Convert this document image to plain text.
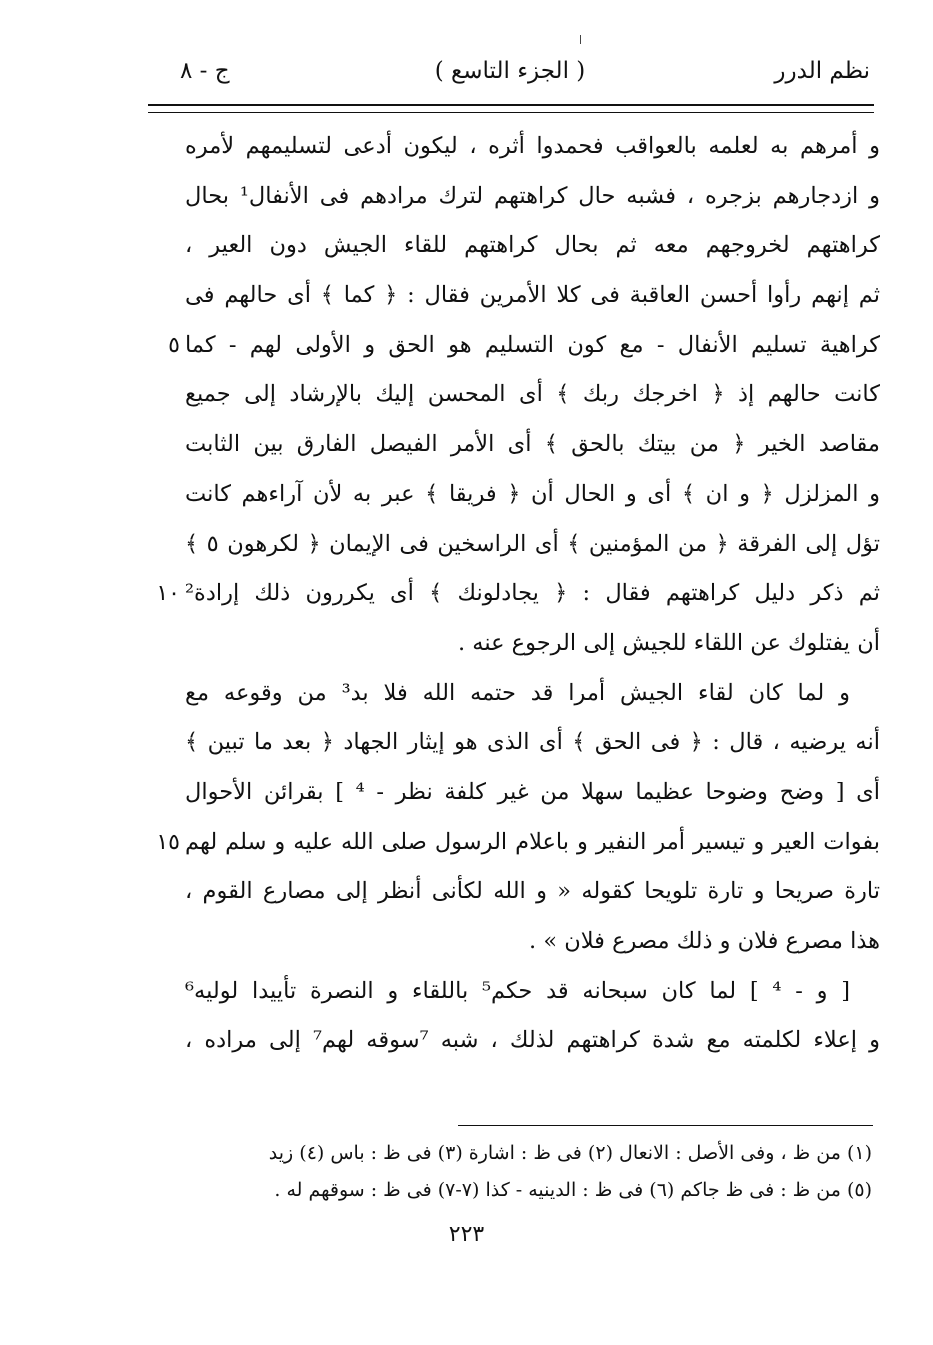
نظم الدرر
( الجزء التاسع )
ج - ٨
و أمرهم به لعلمه بالعواقب فحمدوا أثره ، ليكون أدعى لتسليمهم لأمره
و ازدجارهم بزجره ، فشبه حال كراهتهم لترك مرادهم فى الأنفال¹ بحال
كراهتهم لخروجهم معه ثم بحال كراهتهم للقاء الجيش دون العير ،
ثم إنهم رأوا أحسن العاقبة فى كلا الأمرين فقال : ﴿ كما ﴾ أى حالهم فى
كراهية تسليم الأنفال - مع كون التسليم هو الحق و الأولى لهم - كما
٥
كانت حالهم إذ ﴿ اخرجك ربك ﴾ أى المحسن إليك بالإرشاد إلى جميع
مقاصد الخير ﴿ من بيتك بالحق ﴾ أى الأمر الفيصل الفارق بين الثابت
و المزلزل ﴿ و ان ﴾ أى و الحال أن ﴿ فريقا ﴾ عبر به لأن آراءهم كانت
تؤل إلى الفرقة ﴿ من المؤمنين ﴾ أى الراسخين فى الإيمان ﴿ لكرهون ٥ ﴾
ثم ذكر دليل كراهتهم فقال : ﴿ يجادلونك ﴾ أى يكررون ذلك إرادة²
١٠
أن يفتلوك عن اللقاء للجيش إلى الرجوع عنه .
و لما كان لقاء الجيش أمرا قد حتمه الله فلا بد³ من وقوعه مع
أنه يرضيه ، قال : ﴿ فى الحق ﴾ أى الذى هو إيثار الجهاد ﴿ بعد ما تبين ﴾
أى [ وضح وضوحا عظيما سهلا من غير كلفة نظر - ⁴ ] بقرائن الأحوال
بفوات العير و تيسير أمر النفير و باعلام الرسول صلى الله عليه و سلم لهم
١٥
تارة صريحا و تارة تلويحا كقوله « و الله لكأنى أنظر إلى مصارع القوم ،
هذا مصرع فلان و ذلك مصرع فلان » .
[ و - ⁴ ] لما كان سبحانه قد حكم⁵ باللقاء و النصرة تأييدا لوليه⁶
و إعلاء لكلمته مع شدة كراهتهم لذلك ، شبه ⁷سوقه لهم⁷ إلى مراده ،
(١) من ظ ، وفى الأصل : الانعال (٢) فى ظ : اشارة (٣) فى ظ : باس (٤) زيد
(٥) من ظ : فى ظ جاكم (٦) فى ظ : الدينيه - كذا (٧-٧) فى ظ : سوقهم له .
٢٢٣
